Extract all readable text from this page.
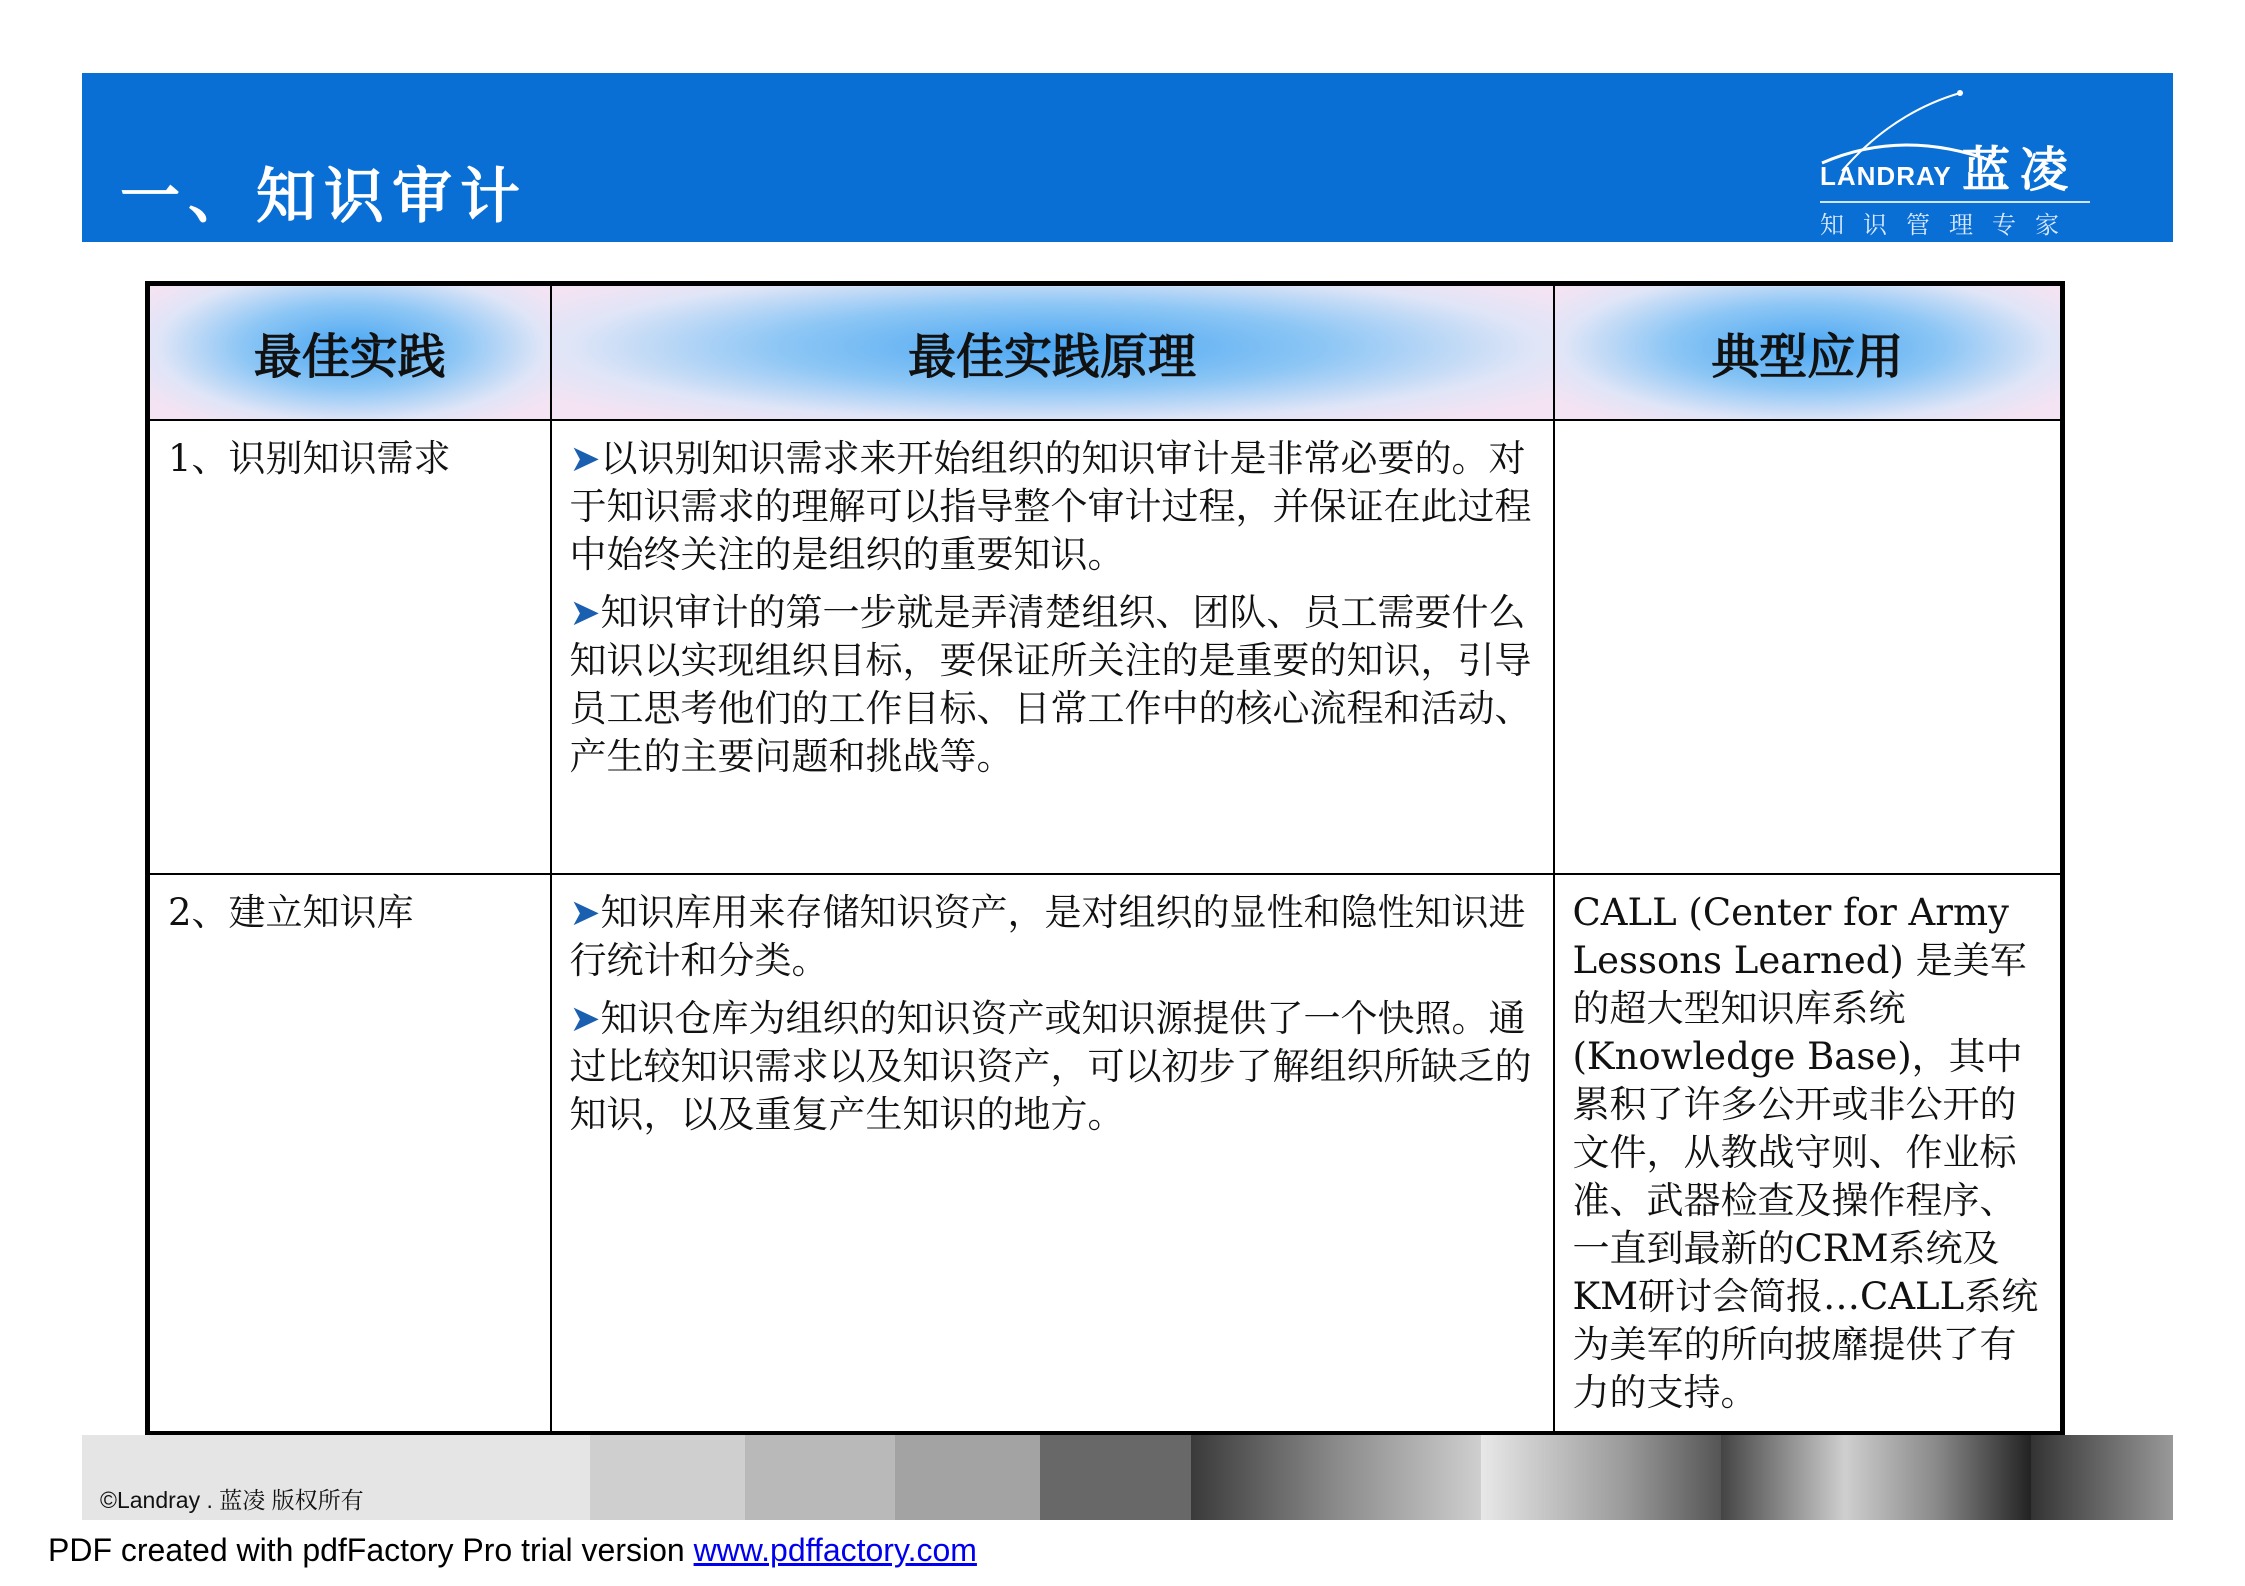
一、知识审计	LANDRAY 蓝凌
知识管理专家
最佳实践	最佳实践原理	典型应用
1、识别知识需求	➤以识别知识需求来开始组织的知识审计是非常必要的。对于知识需求的理解可以指导整个审计过程，并保证在此过程中始终关注的是组织的重要知识。

➤知识审计的第一步就是弄清楚组织、团队、员工需要什么知识以实现组织目标，要保证所关注的是重要的知识，引导员工思考他们的工作目标、日常工作中的核心流程和活动、产生的主要问题和挑战等。	

2、建立知识库	➤知识库用来存储知识资产，是对组织的显性和隐性知识进行统计和分类。

➤知识仓库为组织的知识资产或知识源提供了一个快照。通过比较知识需求以及知识资产，可以初步了解组织所缺乏的知识，以及重复产生知识的地方。	CALL (Center for Army Lessons Learned) 是美军的超大型知识库系统(Knowledge Base)，其中累积了许多公开或非公开的文件，从教战守则、作业标准、武器检查及操作程序、一直到最新的CRM系统及KM研讨会简报…CALL系统为美军的所向披靡提供了有力的支持。
©Landray . 蓝凌 版权所有
PDF created with pdfFactory Pro trial version www.pdffactory.com
